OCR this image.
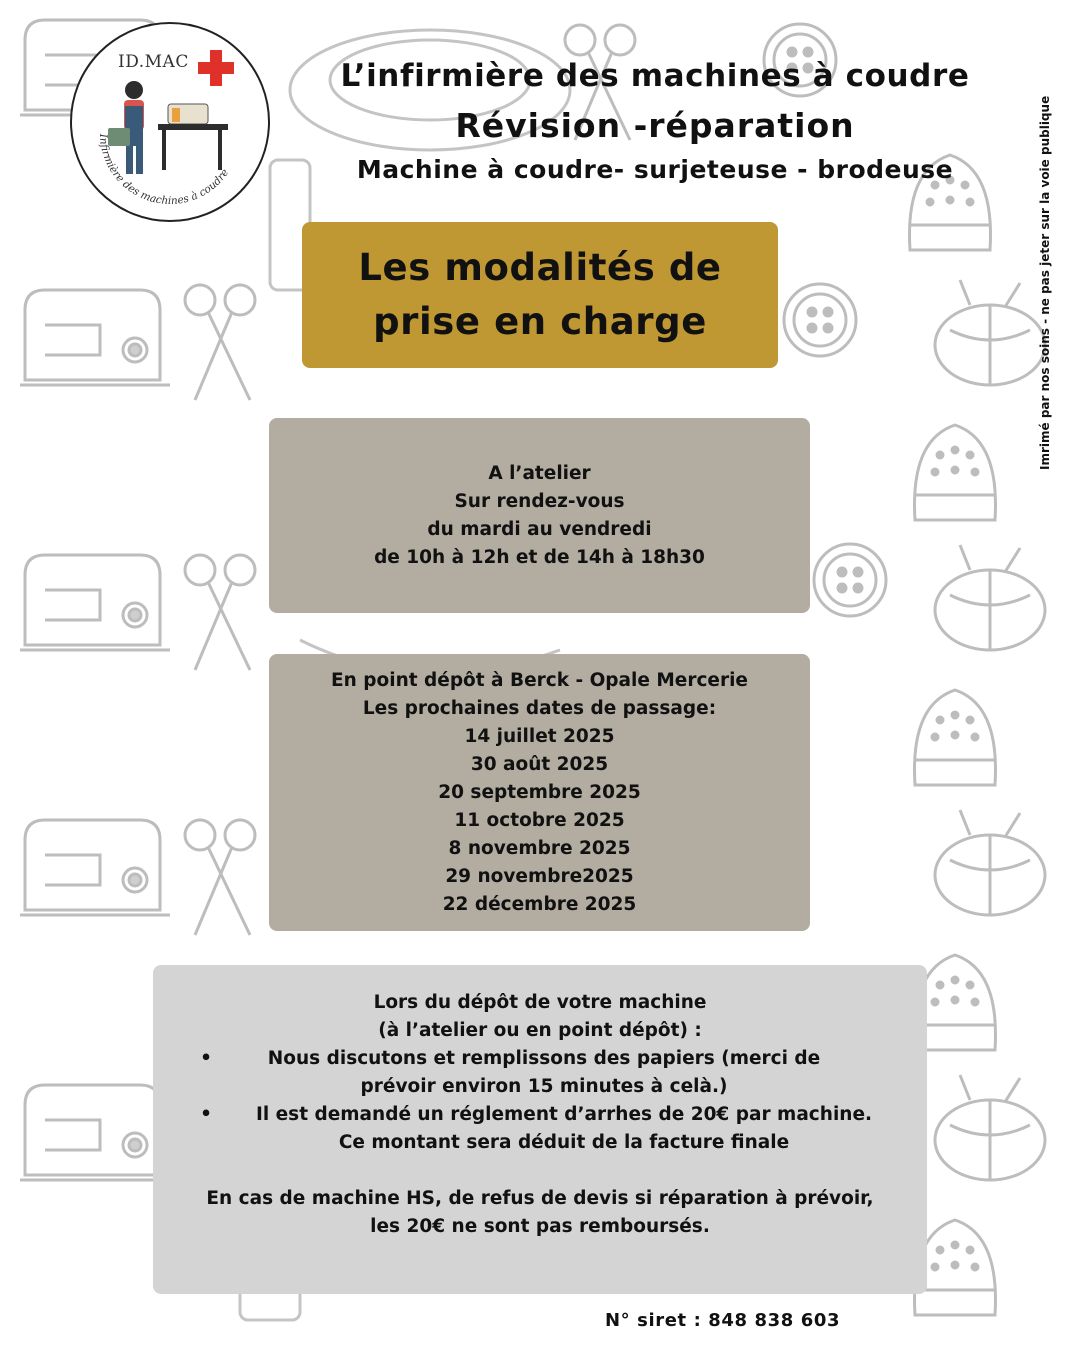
ID.MAC
Infirmière des machines à coudre
L’infirmière des machines à coudre
Révision -réparation
Machine à coudre- surjeteuse - brodeuse	Imrimé par nos soins - ne pas jeter sur la voie publique
Les modalités de
prise en charge
A l’atelier
Sur rendez-vous
du mardi au vendredi
de 10h à 12h et de 14h à 18h30
En point dépôt à Berck - Opale Mercerie
Les prochaines dates de passage:
14 juillet 2025
30 août 2025
20 septembre 2025
11 octobre 2025
8 novembre 2025
29 novembre2025
22 décembre 2025
Lors du dépôt de votre machine
(à l’atelier ou en point dépôt) :
•	Nous discutons et remplissons des papiers (merci de
prévoir environ 15 minutes à celà.)
•	Il est demandé un réglement d’arrhes de 20€ par machine.
Ce montant sera déduit de la facture finale
En cas de machine HS, de refus de devis si réparation à prévoir,
les 20€ ne sont pas remboursés.
N° siret : 848 838 603
